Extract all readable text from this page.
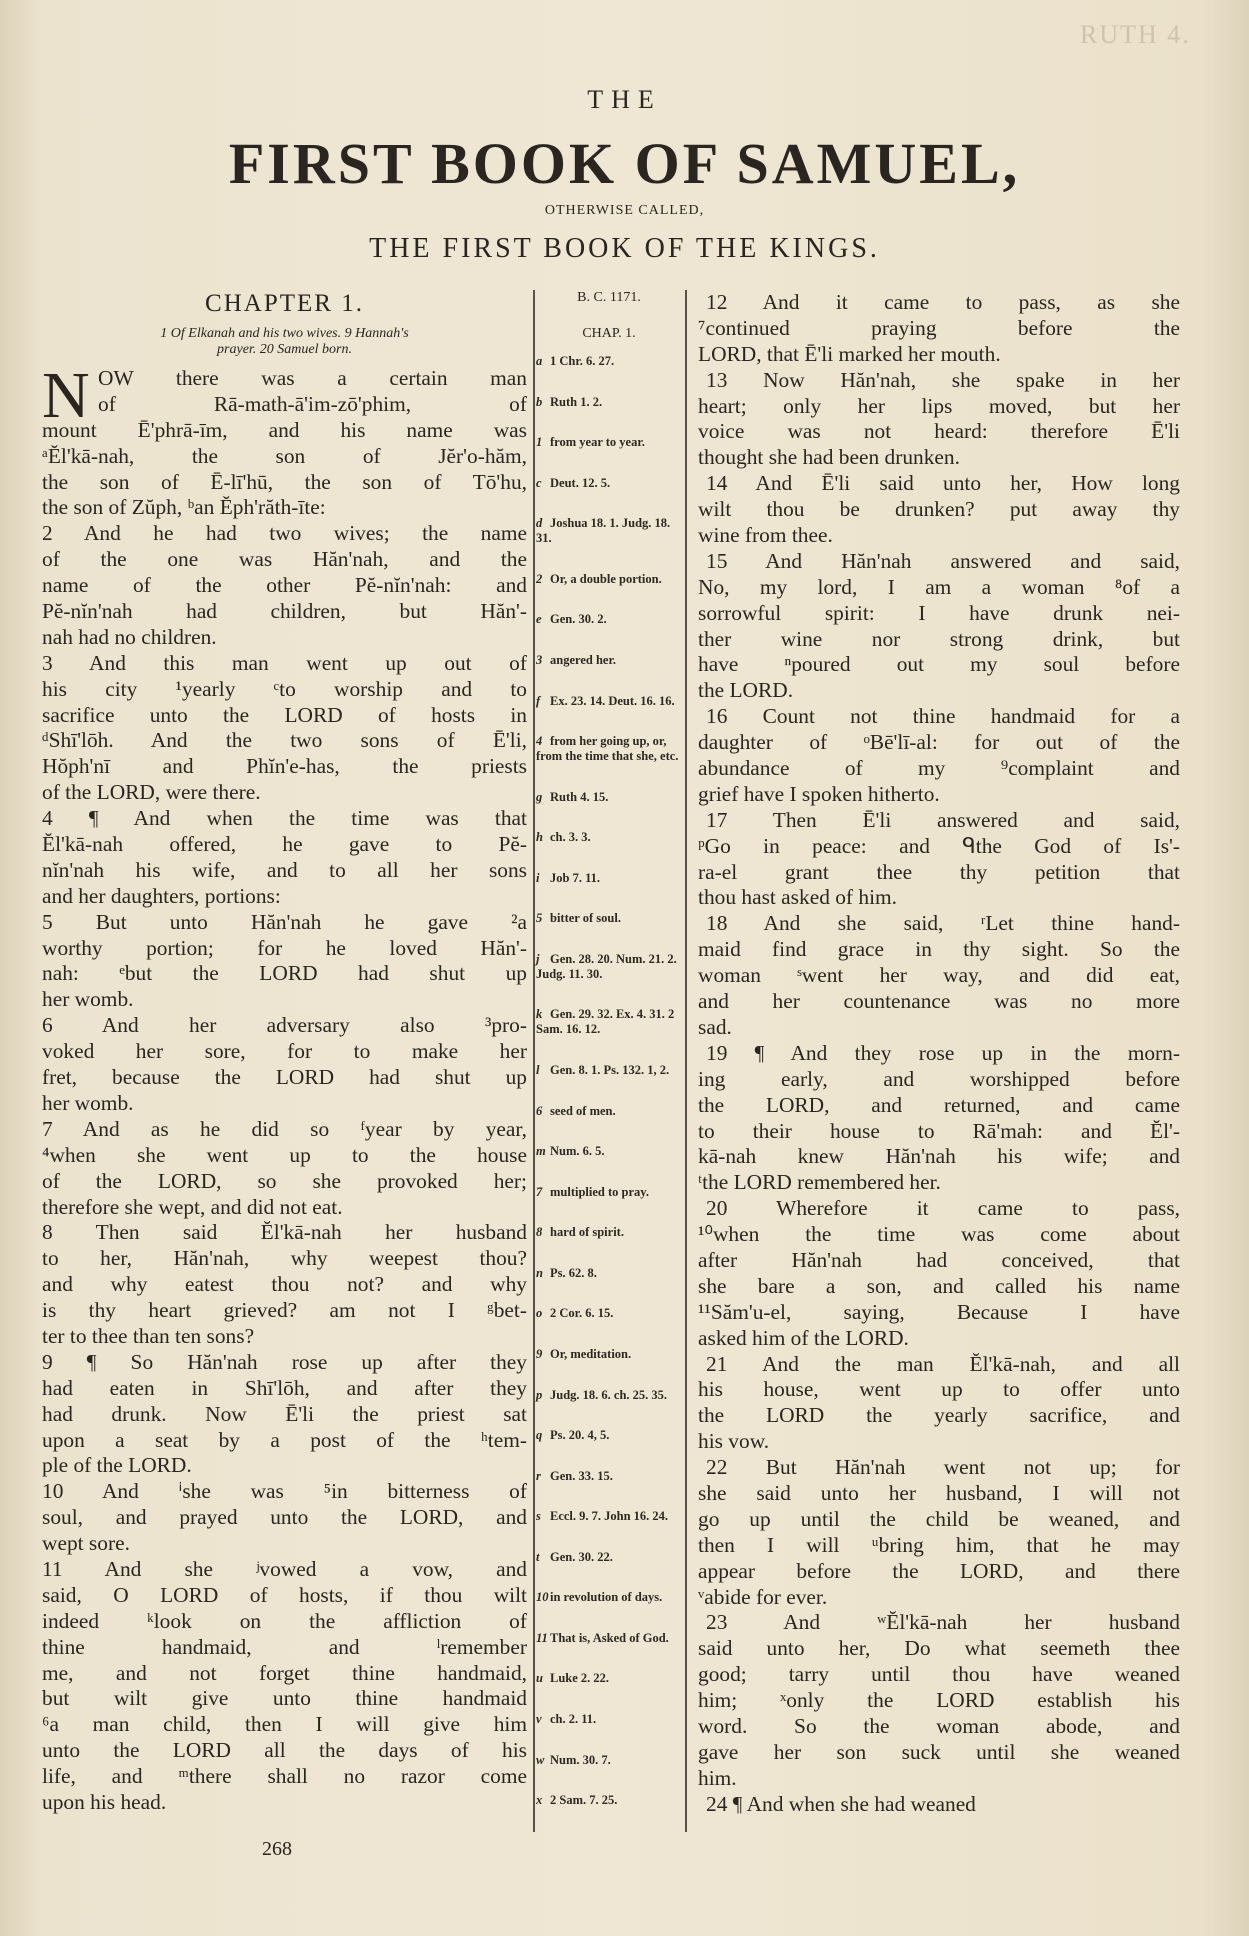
RUTH 4.
THE
FIRST BOOK OF SAMUEL,
OTHERWISE CALLED,
THE FIRST BOOK OF THE KINGS.
CHAPTER 1.
1 Of Elkanah and his two wives. 9 Hannah's
prayer. 20 Samuel born.
N OW there was a certain man
of Rā-math-ā'im-zō'phim, of
mount Ē'phrā-īm, and his name was
ᵃĔl'kā-nah, the son of Jĕr'o-hăm,
the son of Ē-lī'hū, the son of Tō'hu,
the son of Zŭph, ᵇan Ĕph'răth-īte:
2 And he had two wives; the name
of the one was Hăn'nah, and the
name of the other Pĕ-nĭn'nah: and
Pĕ-nĭn'nah had children, but Hăn'-
nah had no children.
3 And this man went up out of
his city ¹yearly ᶜto worship and to
sacrifice unto the LORD of hosts in
ᵈShī'lōh. And the two sons of Ē'li,
Hŏph'nī and Phĭn'e-has, the priests
of the LORD, were there.
4 ¶ And when the time was that
Ĕl'kā-nah offered, he gave to Pĕ-
nĭn'nah his wife, and to all her sons
and her daughters, portions:
5 But unto Hăn'nah he gave ²a
worthy portion; for he loved Hăn'-
nah: ᵉbut the LORD had shut up
her womb.
6 And her adversary also ³pro-
voked her sore, for to make her
fret, because the LORD had shut up
her womb.
7 And as he did so ᶠyear by year,
⁴when she went up to the house
of the LORD, so she provoked her;
therefore she wept, and did not eat.
8 Then said Ĕl'kā-nah her husband
to her, Hăn'nah, why weepest thou?
and why eatest thou not? and why
is thy heart grieved? am not I ᵍbet-
ter to thee than ten sons?
9 ¶ So Hăn'nah rose up after they
had eaten in Shī'lōh, and after they
had drunk. Now Ē'li the priest sat
upon a seat by a post of the ʰtem-
ple of the LORD.
10 And ⁱshe was ⁵in bitterness of
soul, and prayed unto the LORD, and
wept sore.
11 And she ʲvowed a vow, and
said, O LORD of hosts, if thou wilt
indeed ᵏlook on the affliction of
thine handmaid, and ˡremember
me, and not forget thine handmaid,
but wilt give unto thine handmaid
⁶a man child, then I will give him
unto the LORD all the days of his
life, and ᵐthere shall no razor come
upon his head.
B. C. 1171.
CHAP. 1.
a 1 Chr. 6. 27.
b Ruth 1. 2.
1 from year to year.
c Deut. 12. 5.
d Joshua 18. 1. Judg. 18. 31.
2 Or, a double portion.
e Gen. 30. 2.
3 angered her.
f Ex. 23. 14. Deut. 16. 16.
4 from her going up, or, from the time that she, etc.
g Ruth 4. 15.
h ch. 3. 3.
i Job 7. 11.
5 bitter of soul.
j Gen. 28. 20. Num. 21. 2. Judg. 11. 30.
k Gen. 29. 32. Ex. 4. 31. 2 Sam. 16. 12.
l Gen. 8. 1. Ps. 132. 1, 2.
6 seed of men.
m Num. 6. 5.
7 multiplied to pray.
8 hard of spirit.
n Ps. 62. 8.
o 2 Cor. 6. 15.
9 Or, meditation.
p Judg. 18. 6. ch. 25. 35.
q Ps. 20. 4, 5.
r Gen. 33. 15.
s Eccl. 9. 7. John 16. 24.
t Gen. 30. 22.
10 in revolution of days.
11 That is, Asked of God.
u Luke 2. 22.
v ch. 2. 11.
w Num. 30. 7.
x 2 Sam. 7. 25.
12 And it came to pass, as she
⁷continued praying before the
LORD, that Ē'li marked her mouth.
13 Now Hăn'nah, she spake in her
heart; only her lips moved, but her
voice was not heard: therefore Ē'li
thought she had been drunken.
14 And Ē'li said unto her, How long
wilt thou be drunken? put away thy
wine from thee.
15 And Hăn'nah answered and said,
No, my lord, I am a woman ⁸of a
sorrowful spirit: I have drunk nei-
ther wine nor strong drink, but
have ⁿpoured out my soul before
the LORD.
16 Count not thine handmaid for a
daughter of ᵒBē'lī-al: for out of the
abundance of my ⁹complaint and
grief have I spoken hitherto.
17 Then Ē'li answered and said,
ᵖGo in peace: and ᑫthe God of Is'-
ra-el grant thee thy petition that
thou hast asked of him.
18 And she said, ʳLet thine hand-
maid find grace in thy sight. So the
woman ˢwent her way, and did eat,
and her countenance was no more
sad.
19 ¶ And they rose up in the morn-
ing early, and worshipped before
the LORD, and returned, and came
to their house to Rā'mah: and Ĕl'-
kā-nah knew Hăn'nah his wife; and
ᵗthe LORD remembered her.
20 Wherefore it came to pass,
¹⁰when the time was come about
after Hăn'nah had conceived, that
she bare a son, and called his name
¹¹Săm'u-el, saying, Because I have
asked him of the LORD.
21 And the man Ĕl'kā-nah, and all
his house, went up to offer unto
the LORD the yearly sacrifice, and
his vow.
22 But Hăn'nah went not up; for
she said unto her husband, I will not
go up until the child be weaned, and
then I will ᵘbring him, that he may
appear before the LORD, and there
ᵛabide for ever.
23 And ʷĔl'kā-nah her husband
said unto her, Do what seemeth thee
good; tarry until thou have weaned
him; ˣonly the LORD establish his
word. So the woman abode, and
gave her son suck until she weaned
him.
24 ¶ And when she had weaned
268
